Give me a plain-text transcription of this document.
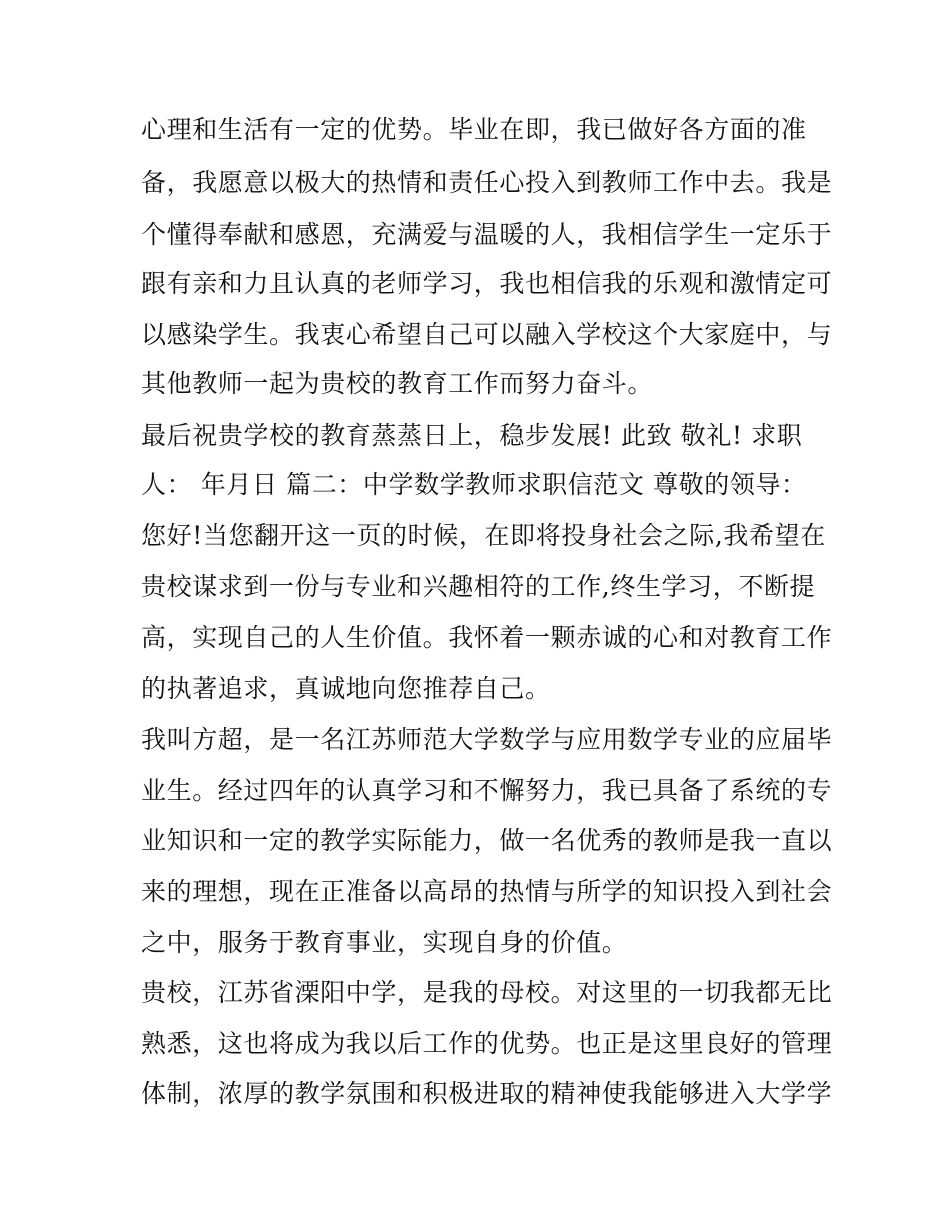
心理和生活有一定的优势。毕业在即，我已做好各方面的准
备，我愿意以极大的热情和责任心投入到教师工作中去。我是
个懂得奉献和感恩，充满爱与温暖的人，我相信学生一定乐于
跟有亲和力且认真的老师学习，我也相信我的乐观和激情定可
以感染学生。我衷心希望自己可以融入学校这个大家庭中，与
其他教师一起为贵校的教育工作而努力奋斗。
最后祝贵学校的教育蒸蒸日上，稳步发展! 此致 敬礼! 求职
人： 年月日 篇二：中学数学教师求职信范文 尊敬的领导：
您好!当您翻开这一页的时候，在即将投身社会之际,我希望在
贵校谋求到一份与专业和兴趣相符的工作,终生学习，不断提
高，实现自己的人生价值。我怀着一颗赤诚的心和对教育工作
的执著追求，真诚地向您推荐自己。
我叫方超，是一名江苏师范大学数学与应用数学专业的应届毕
业生。经过四年的认真学习和不懈努力，我已具备了系统的专
业知识和一定的教学实际能力，做一名优秀的教师是我一直以
来的理想，现在正准备以高昂的热情与所学的知识投入到社会
之中，服务于教育事业，实现自身的价值。
贵校，江苏省溧阳中学，是我的母校。对这里的一切我都无比
熟悉，这也将成为我以后工作的优势。也正是这里良好的管理
体制，浓厚的教学氛围和积极进取的精神使我能够进入大学学
